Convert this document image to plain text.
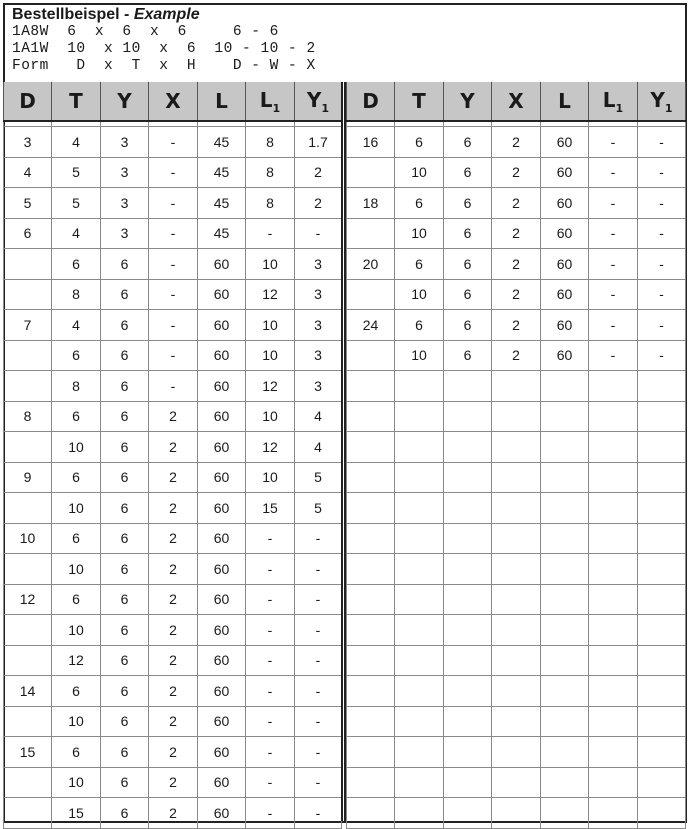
Bestellbeispel - Example
1A8W  6  x  6  x  6     6 - 6
1A1W  10  x 10  x  6  10 - 10 - 2
Form   D  x  T  x  H    D - W - X
D	T	Y	X	L	$L_1$	$Y_1$

3	4	3	-	45	8	1.7
4	5	3	-	45	8	2
5	5	3	-	45	8	2
6	4	3	-	45	-	-
	6	6	-	60	10	3
	8	6	-	60	12	3
7	4	6	-	60	10	3
	6	6	-	60	10	3
	8	6	-	60	12	3
8	6	6	2	60	10	4
	10	6	2	60	12	4
9	6	6	2	60	10	5
	10	6	2	60	15	5
10	6	6	2	60	-	-
	10	6	2	60	-	-
12	6	6	2	60	-	-
	10	6	2	60	-	-
	12	6	2	60	-	-
14	6	6	2	60	-	-
	10	6	2	60	-	-
15	6	6	2	60	-	-
	10	6	2	60	-	-
	15	6	2	60	-	-
D	T	Y	X	L	$L_1$	$Y_1$

16	6	6	2	60	-	-
	10	6	2	60	-	-
18	6	6	2	60	-	-
	10	6	2	60	-	-
20	6	6	2	60	-	-
	10	6	2	60	-	-
24	6	6	2	60	-	-
	10	6	2	60	-	-
